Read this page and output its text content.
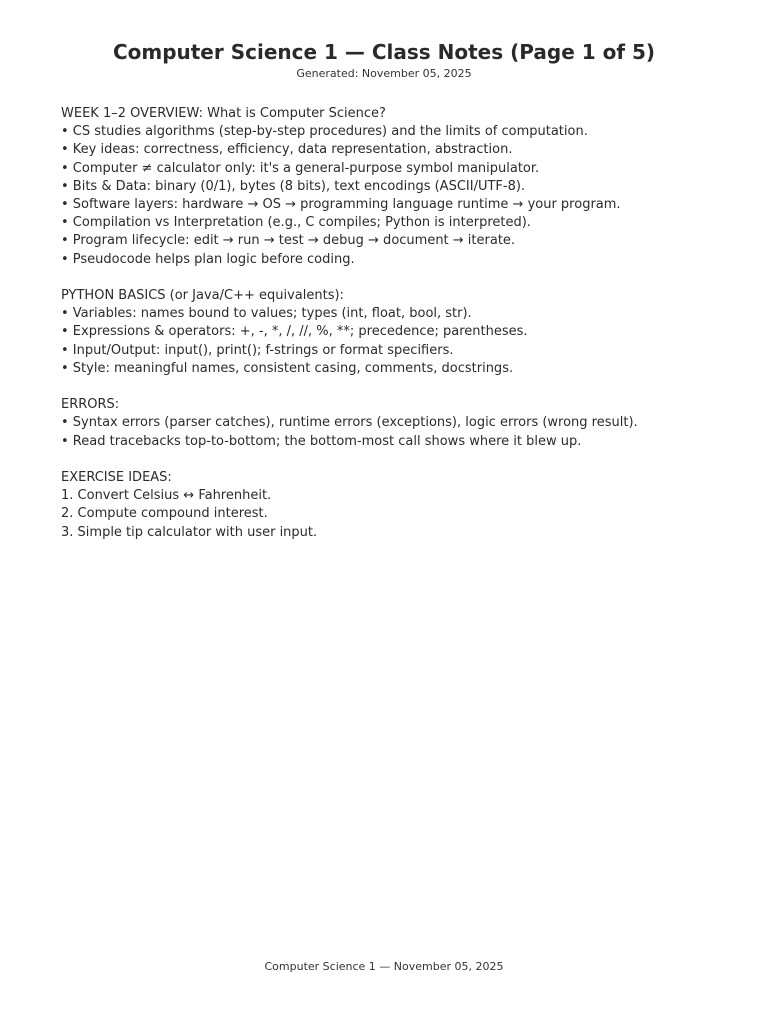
Computer Science 1 — Class Notes (Page 1 of 5)
Generated: November 05, 2025
WEEK 1–2 OVERVIEW: What is Computer Science?
• CS studies algorithms (step-by-step procedures) and the limits of computation.
• Key ideas: correctness, efficiency, data representation, abstraction.
• Computer ≠ calculator only: it's a general-purpose symbol manipulator.
• Bits & Data: binary (0/1), bytes (8 bits), text encodings (ASCII/UTF-8).
• Software layers: hardware → OS → programming language runtime → your program.
• Compilation vs Interpretation (e.g., C compiles; Python is interpreted).
• Program lifecycle: edit → run → test → debug → document → iterate.
• Pseudocode helps plan logic before coding.
PYTHON BASICS (or Java/C++ equivalents):
• Variables: names bound to values; types (int, float, bool, str).
• Expressions & operators: +, -, *, /, //, %, **; precedence; parentheses.
• Input/Output: input(), print(); f-strings or format specifiers.
• Style: meaningful names, consistent casing, comments, docstrings.
ERRORS:
• Syntax errors (parser catches), runtime errors (exceptions), logic errors (wrong result).
• Read tracebacks top-to-bottom; the bottom-most call shows where it blew up.
EXERCISE IDEAS:
1. Convert Celsius ↔ Fahrenheit.
2. Compute compound interest.
3. Simple tip calculator with user input.
Computer Science 1 — November 05, 2025
